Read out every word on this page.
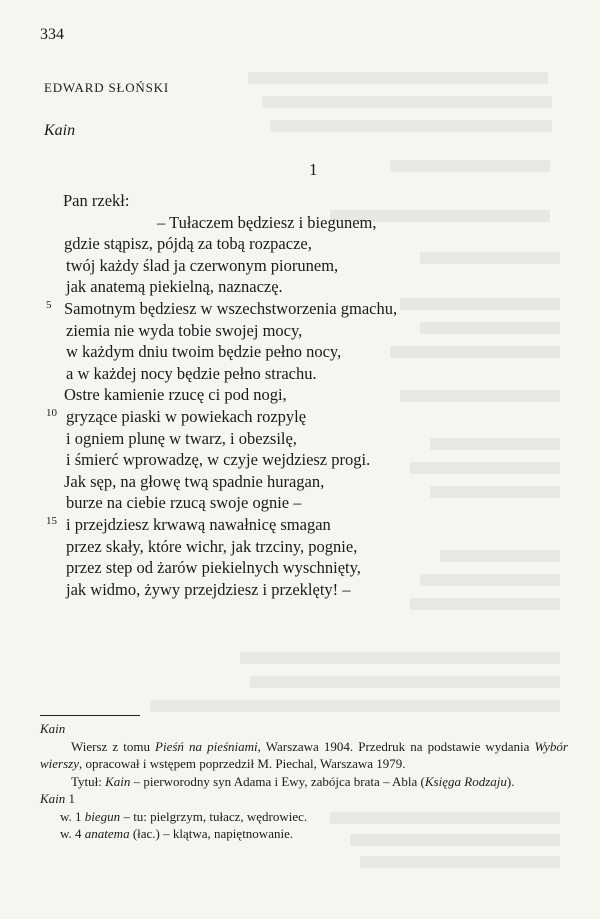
334
EDWARD SŁOŃSKI
Kain
1
Pan rzekł:
– Tułaczem będziesz i biegunem,
gdzie stąpisz, pójdą za tobą rozpacze,
twój każdy ślad ja czerwonym piorunem,
jak anatemą piekielną, naznaczę.
5 Samotnym będziesz w wszechstworzenia gmachu,
ziemia nie wyda tobie swojej mocy,
w każdym dniu twoim będzie pełno nocy,
a w każdej nocy będzie pełno strachu.
Ostre kamienie rzucę ci pod nogi,
10 gryzące piaski w powiekach rozpylę
i ogniem plunę w twarz, i obezsilę,
i śmierć wprowadzę, w czyje wejdziesz progi.
Jak sęp, na głowę twą spadnie huragan,
burze na ciebie rzucą swoje ognie –
15 i przejdziesz krwawą nawałnicę smagan
przez skały, które wichr, jak trzciny, pognie,
przez step od żarów piekielnych wyschnięty,
jak widmo, żywy przejdziesz i przeklęty! –

Kain

Wiersz z tomu Pieśń na pieśniami, Warszawa 1904. Przedruk na podstawie wydania Wybór wierszy, opracował i wstępem poprzedził M. Piechal, Warszawa 1979.

Tytuł: Kain – pierworodny syn Adama i Ewy, zabójca brata – Abla (Księga Rodzaju).

Kain 1

w. 1 biegun – tu: pielgrzym, tułacz, wędrowiec.

w. 4 anatema (łac.) – klątwa, napiętnowanie.
